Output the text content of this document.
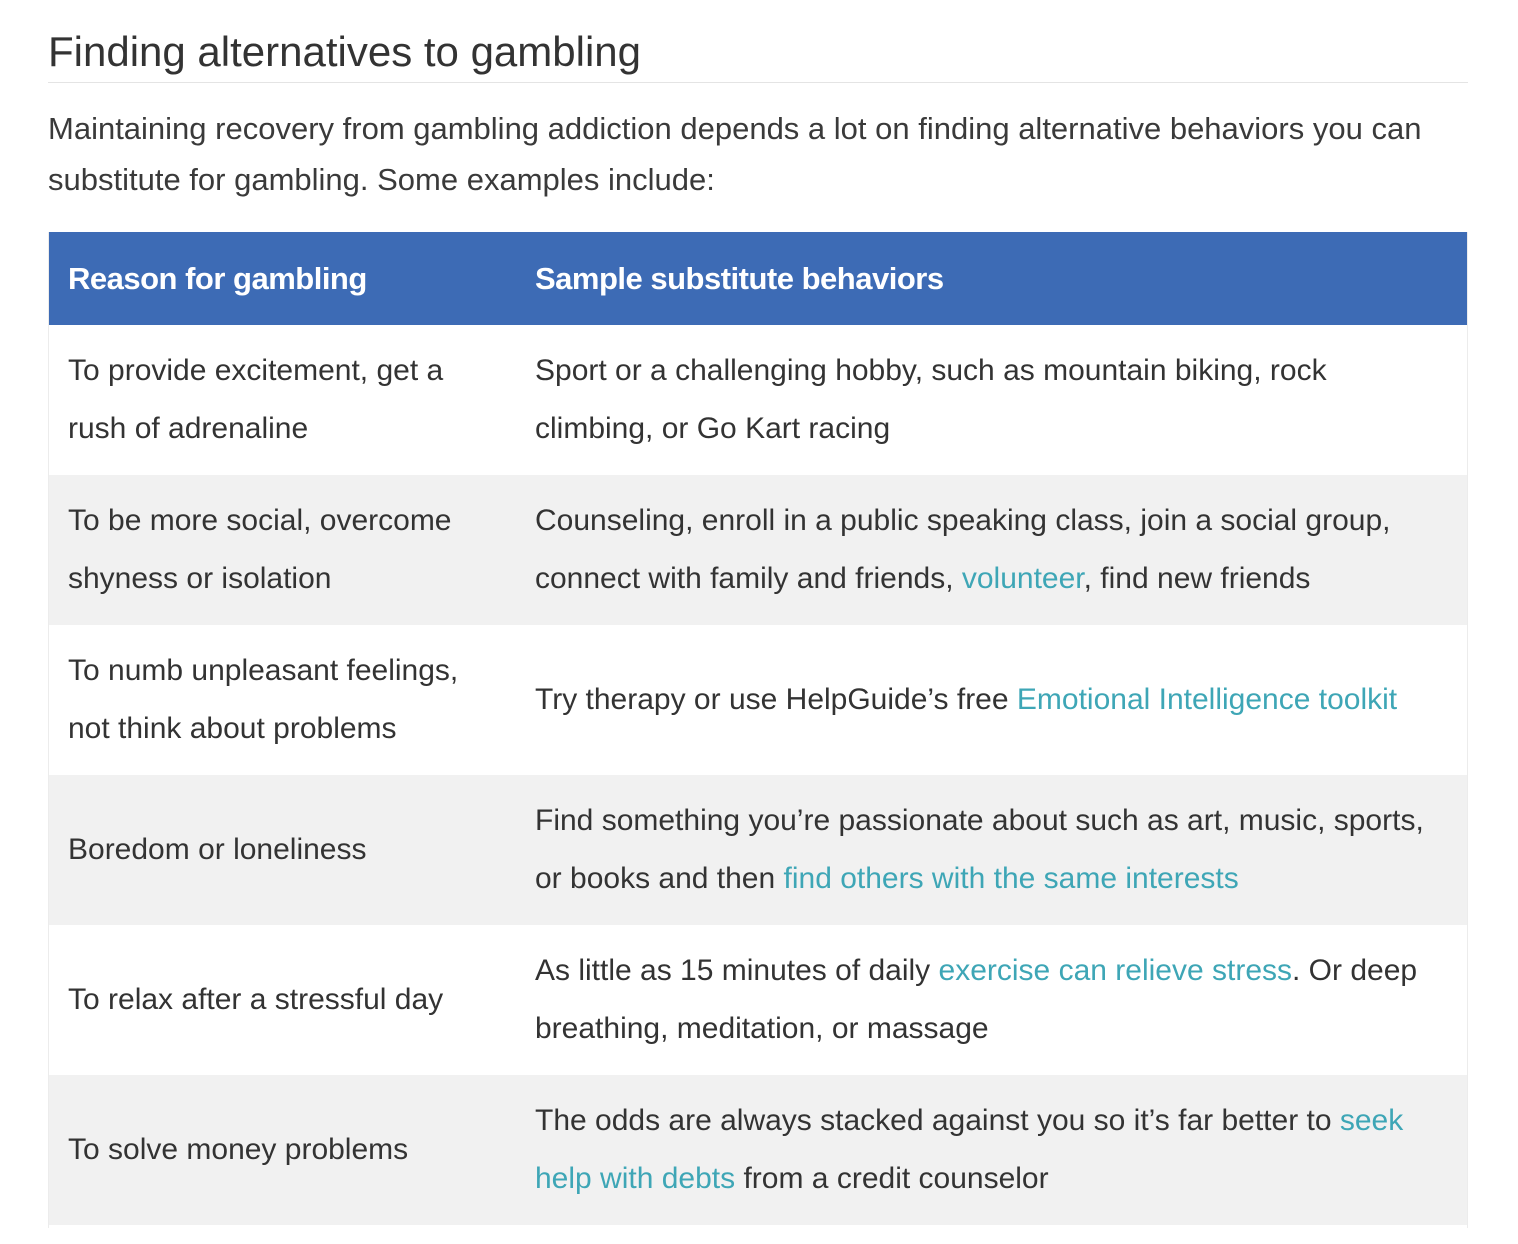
Finding alternatives to gambling

Maintaining recovery from gambling addiction depends a lot on finding alternative behaviors you can substitute for gambling. Some examples include:

Reason for gambling	Sample substitute behaviors
To provide excitement, get a rush of adrenaline	Sport or a challenging hobby, such as mountain biking, rock climbing, or Go Kart racing
To be more social, overcome shyness or isolation	Counseling, enroll in a public speaking class, join a social group, connect with family and friends, volunteer, find new friends
To numb unpleasant feelings, not think about problems	Try therapy or use HelpGuide’s free Emotional Intelligence toolkit
Boredom or loneliness	Find something you’re passionate about such as art, music, sports, or books and then find others with the same interests
To relax after a stressful day	As little as 15 minutes of daily exercise can relieve stress. Or deep breathing, meditation, or massage
To solve money problems	The odds are always stacked against you so it’s far better to seek help with debts from a credit counselor
